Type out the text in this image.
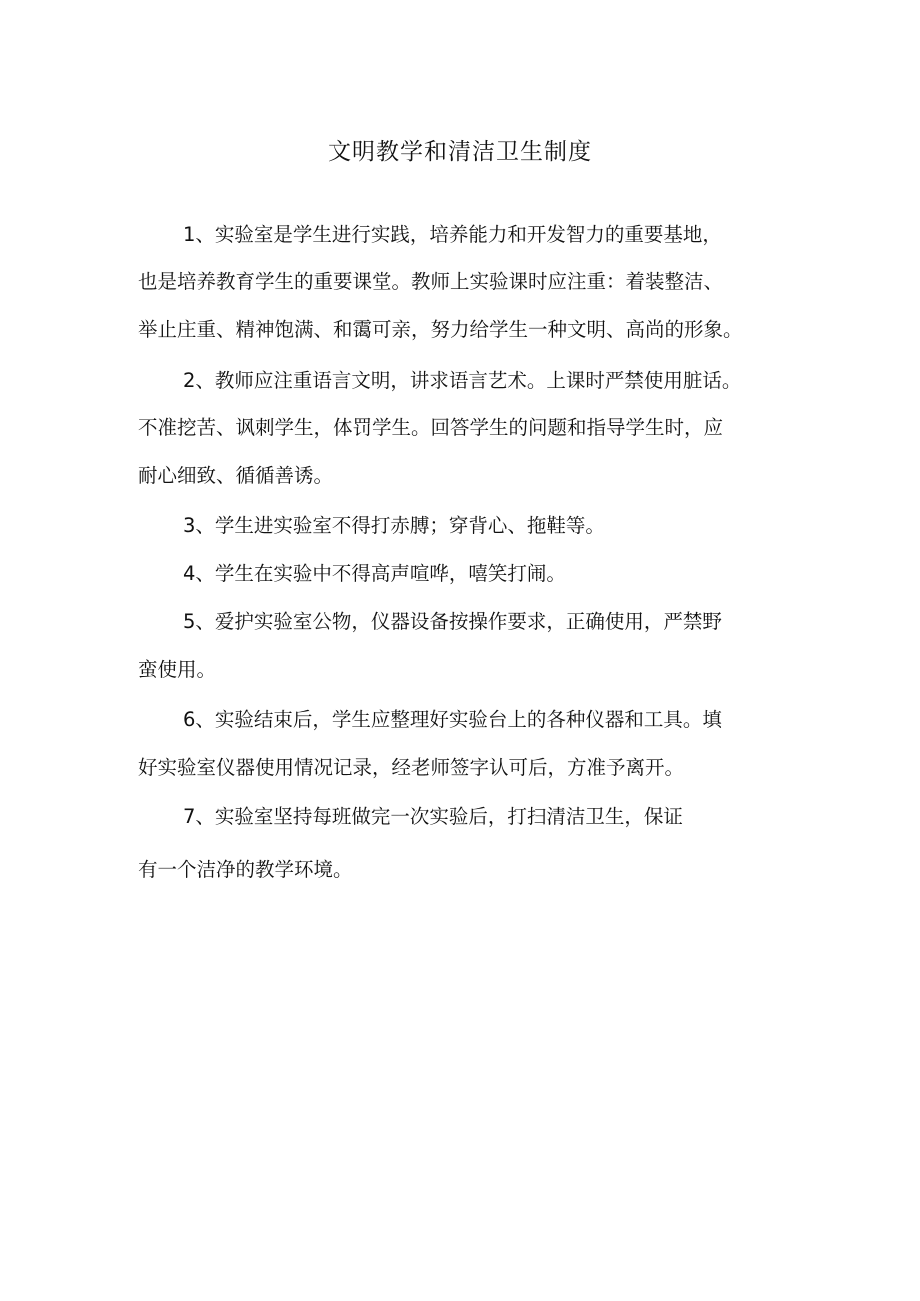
文明教学和清洁卫生制度
1、实验室是学生进行实践，培养能力和开发智力的重要基地，
也是培养教育学生的重要课堂。教师上实验课时应注重：着装整洁、
举止庄重、精神饱满、和霭可亲，努力给学生一种文明、高尚的形象。
2、教师应注重语言文明，讲求语言艺术。上课时严禁使用脏话。
不准挖苦、讽刺学生，体罚学生。回答学生的问题和指导学生时，应
耐心细致、循循善诱。
3、学生进实验室不得打赤膊；穿背心、拖鞋等。
4、学生在实验中不得高声喧哗，嘻笑打闹。
5、爱护实验室公物，仪器设备按操作要求，正确使用，严禁野
蛮使用。
6、实验结束后，学生应整理好实验台上的各种仪器和工具。填
好实验室仪器使用情况记录，经老师签字认可后，方准予离开。
7、实验室坚持每班做完一次实验后，打扫清洁卫生，保证
有一个洁净的教学环境。
